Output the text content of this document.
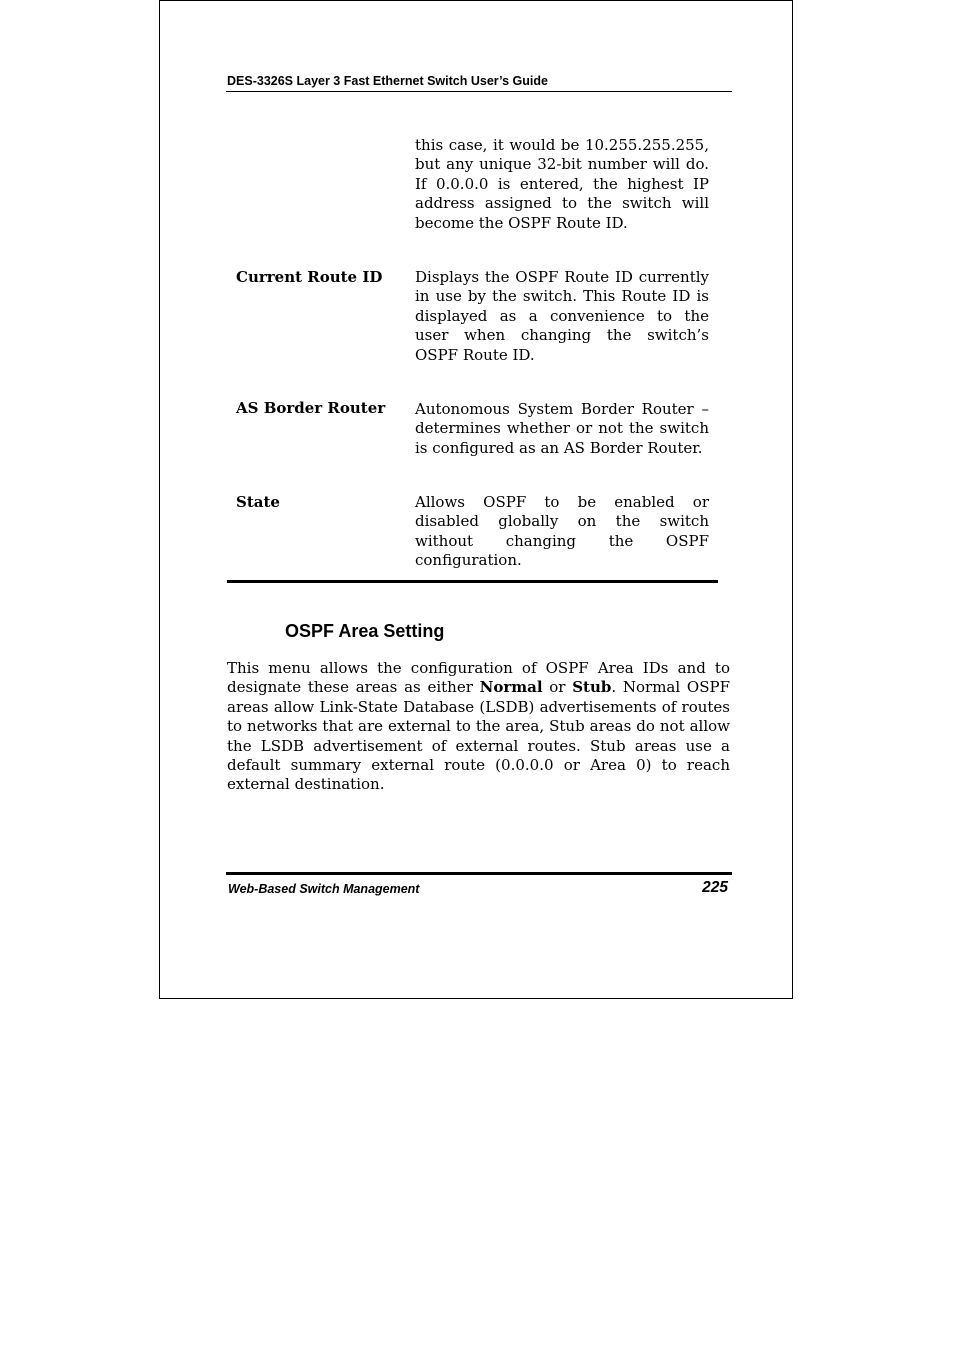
DES-3326S Layer 3 Fast Ethernet Switch User’s Guide
this case, it would be 10.255.255.255, but any unique 32-bit number will do. If 0.0.0.0 is entered, the highest IP address assigned to the switch will become the OSPF Route ID.
Current Route ID Displays the OSPF Route ID currently in use by the switch. This Route ID is displayed as a convenience to the user when changing the switch’s OSPF Route ID.
AS Border Router Autonomous System Border Router – determines whether or not the switch is configured as an AS Border Router.
State	Allows OSPF to be enabled or disabled globally on the switch without changing the OSPF configuration.
OSPF Area Setting
This menu allows the configuration of OSPF Area IDs and to designate these areas as either Normal or Stub. Normal OSPF areas allow Link-State Database (LSDB) advertisements of routes to networks that are external to the area, Stub areas do not allow the LSDB advertisement of external routes. Stub areas use a default summary external route (0.0.0.0 or Area 0) to reach external destination.
Web-Based Switch Management	225
